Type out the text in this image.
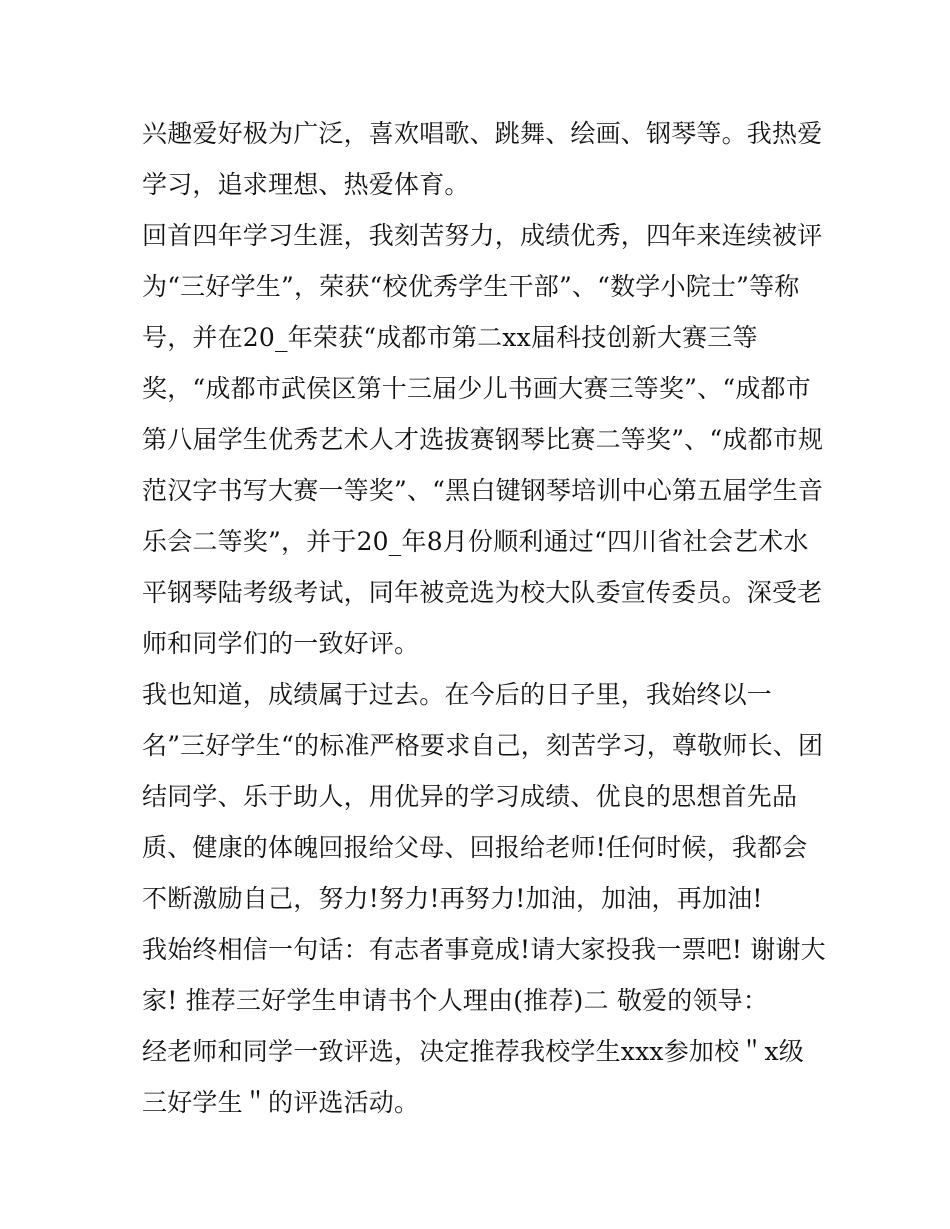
兴趣爱好极为广泛，喜欢唱歌、跳舞、绘画、钢琴等。我热爱
学习，追求理想、热爱体育。
回首四年学习生涯，我刻苦努力，成绩优秀，四年来连续被评
为“三好学生”，荣获“校优秀学生干部”、“数学小院士”等称
号，并在20_年荣获“成都市第二xx届科技创新大赛三等
奖，“成都市武侯区第十三届少儿书画大赛三等奖”、“成都市
第八届学生优秀艺术人才选拔赛钢琴比赛二等奖”、“成都市规
范汉字书写大赛一等奖”、“黑白键钢琴培训中心第五届学生音
乐会二等奖”，并于20_年8月份顺利通过“四川省社会艺术水
平钢琴陆考级考试，同年被竞选为校大队委宣传委员。深受老
师和同学们的一致好评。
我也知道，成绩属于过去。在今后的日子里，我始终以一
名”三好学生“的标准严格要求自己，刻苦学习，尊敬师长、团
结同学、乐于助人，用优异的学习成绩、优良的思想首先品
质、健康的体魄回报给父母、回报给老师!任何时候，我都会
不断激励自己，努力!努力!再努力!加油，加油，再加油!
我始终相信一句话：有志者事竟成!请大家投我一票吧! 谢谢大
家! 推荐三好学生申请书个人理由(推荐)二 敬爱的领导：
经老师和同学一致评选，决定推荐我校学生xxx参加校＂x级
三好学生＂的评选活动。
